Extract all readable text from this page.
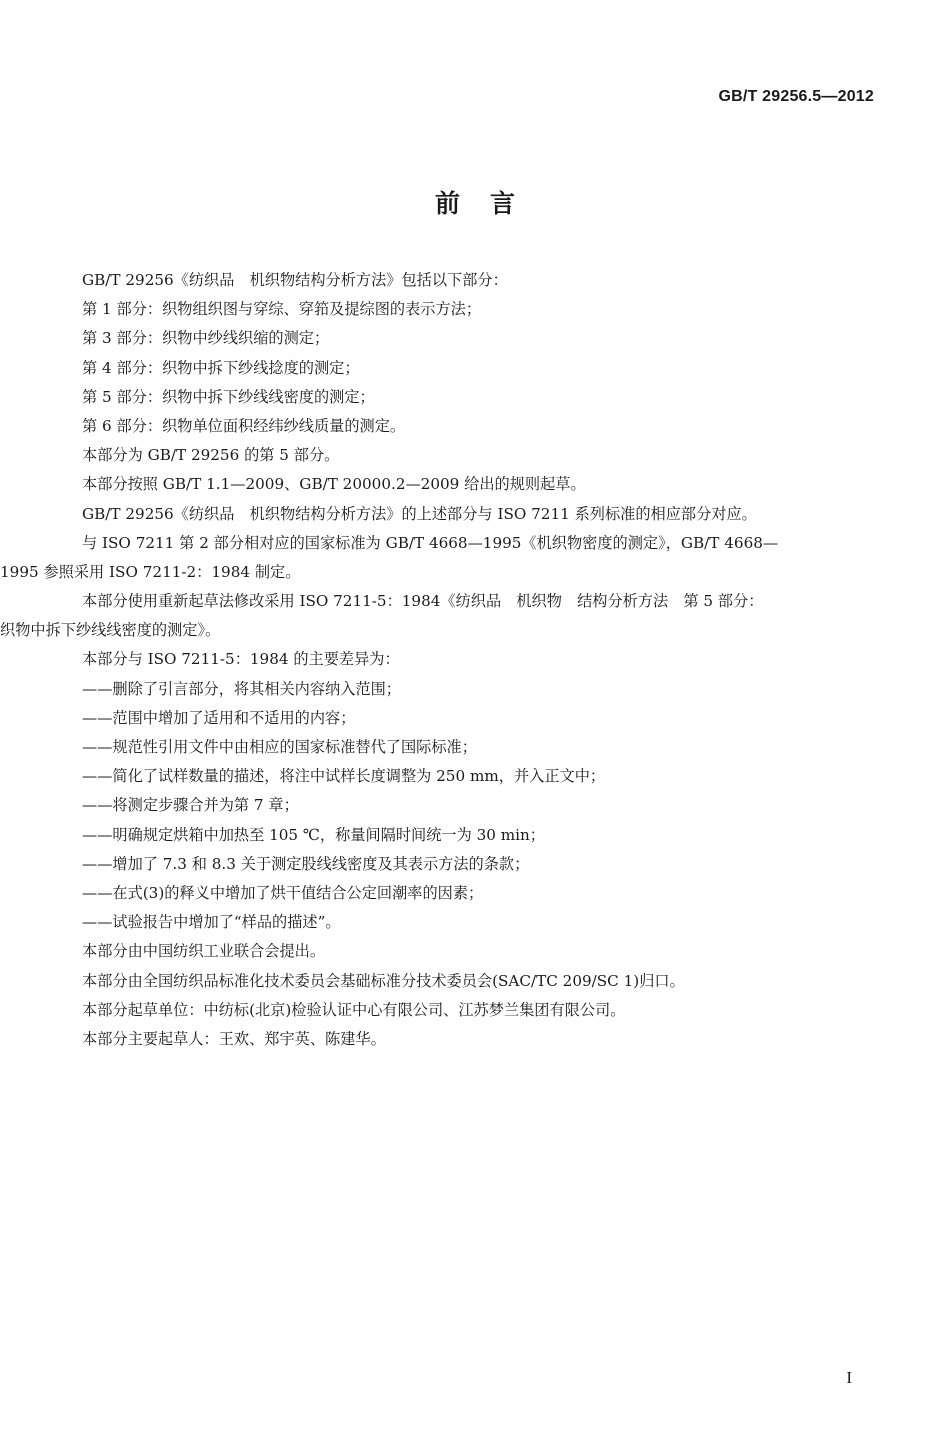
GB/T 29256.5—2012
前言
GB/T 29256《纺织品　机织物结构分析方法》包括以下部分：
第 1 部分：织物组织图与穿综、穿筘及提综图的表示方法；
第 3 部分：织物中纱线织缩的测定；
第 4 部分：织物中拆下纱线捻度的测定；
第 5 部分：织物中拆下纱线线密度的测定；
第 6 部分：织物单位面积经纬纱线质量的测定。
本部分为 GB/T 29256 的第 5 部分。
本部分按照 GB/T 1.1—2009、GB/T 20000.2—2009 给出的规则起草。
GB/T 29256《纺织品　机织物结构分析方法》的上述部分与 ISO 7211 系列标准的相应部分对应。
与 ISO 7211 第 2 部分相对应的国家标准为 GB/T 4668—1995《机织物密度的测定》，GB/T 4668—
1995 参照采用 ISO 7211-2：1984 制定。
本部分使用重新起草法修改采用 ISO 7211-5：1984《纺织品　机织物　结构分析方法　第 5 部分：
织物中拆下纱线线密度的测定》。
本部分与 ISO 7211-5：1984 的主要差异为：
——删除了引言部分，将其相关内容纳入范围；
——范围中增加了适用和不适用的内容；
——规范性引用文件中由相应的国家标准替代了国际标准；
——简化了试样数量的描述，将注中试样长度调整为 250 mm，并入正文中；
——将测定步骤合并为第 7 章；
——明确规定烘箱中加热至 105 ℃，称量间隔时间统一为 30 min；
——增加了 7.3 和 8.3 关于测定股线线密度及其表示方法的条款；
——在式(3)的释义中增加了烘干值结合公定回潮率的因素；
——试验报告中增加了“样品的描述”。
本部分由中国纺织工业联合会提出。
本部分由全国纺织品标准化技术委员会基础标准分技术委员会(SAC/TC 209/SC 1)归口。
本部分起草单位：中纺标(北京)检验认证中心有限公司、江苏梦兰集团有限公司。
本部分主要起草人：王欢、郑宇英、陈建华。
I
